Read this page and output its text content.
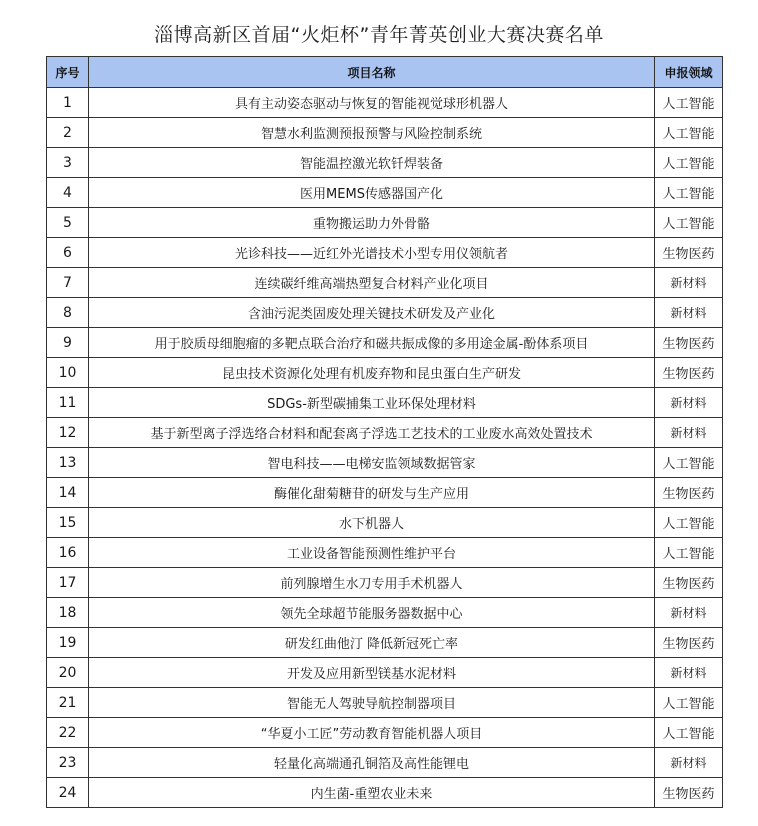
淄博高新区首届“火炬杯”青年菁英创业大赛决赛名单
序号	项目名称	申报领域
1	具有主动姿态驱动与恢复的智能视觉球形机器人	人工智能
2	智慧水利监测预报预警与风险控制系统	人工智能
3	智能温控激光软钎焊装备	人工智能
4	医用MEMS传感器国产化	人工智能
5	重物搬运助力外骨骼	人工智能
6	光诊科技——近红外光谱技术小型专用仪领航者	生物医药
7	连续碳纤维高端热塑复合材料产业化项目	新材料
8	含油污泥类固废处理关键技术研发及产业化	新材料
9	用于胶质母细胞瘤的多靶点联合治疗和磁共振成像的多用途金属-酚体系项目	生物医药
10	昆虫技术资源化处理有机废弃物和昆虫蛋白生产研发	生物医药
11	SDGs-新型碳捕集工业环保处理材料	新材料
12	基于新型离子浮选络合材料和配套离子浮选工艺技术的工业废水高效处置技术	新材料
13	智电科技——电梯安监领域数据管家	人工智能
14	酶催化甜菊糖苷的研发与生产应用	生物医药
15	水下机器人	人工智能
16	工业设备智能预测性维护平台	人工智能
17	前列腺增生水刀专用手术机器人	生物医药
18	领先全球超节能服务器数据中心	新材料
19	研发红曲他汀 降低新冠死亡率	生物医药
20	开发及应用新型镁基水泥材料	新材料
21	智能无人驾驶导航控制器项目	人工智能
22	“华夏小工匠”劳动教育智能机器人项目	人工智能
23	轻量化高端通孔铜箔及高性能锂电	新材料
24	内生菌-重塑农业未来	生物医药
